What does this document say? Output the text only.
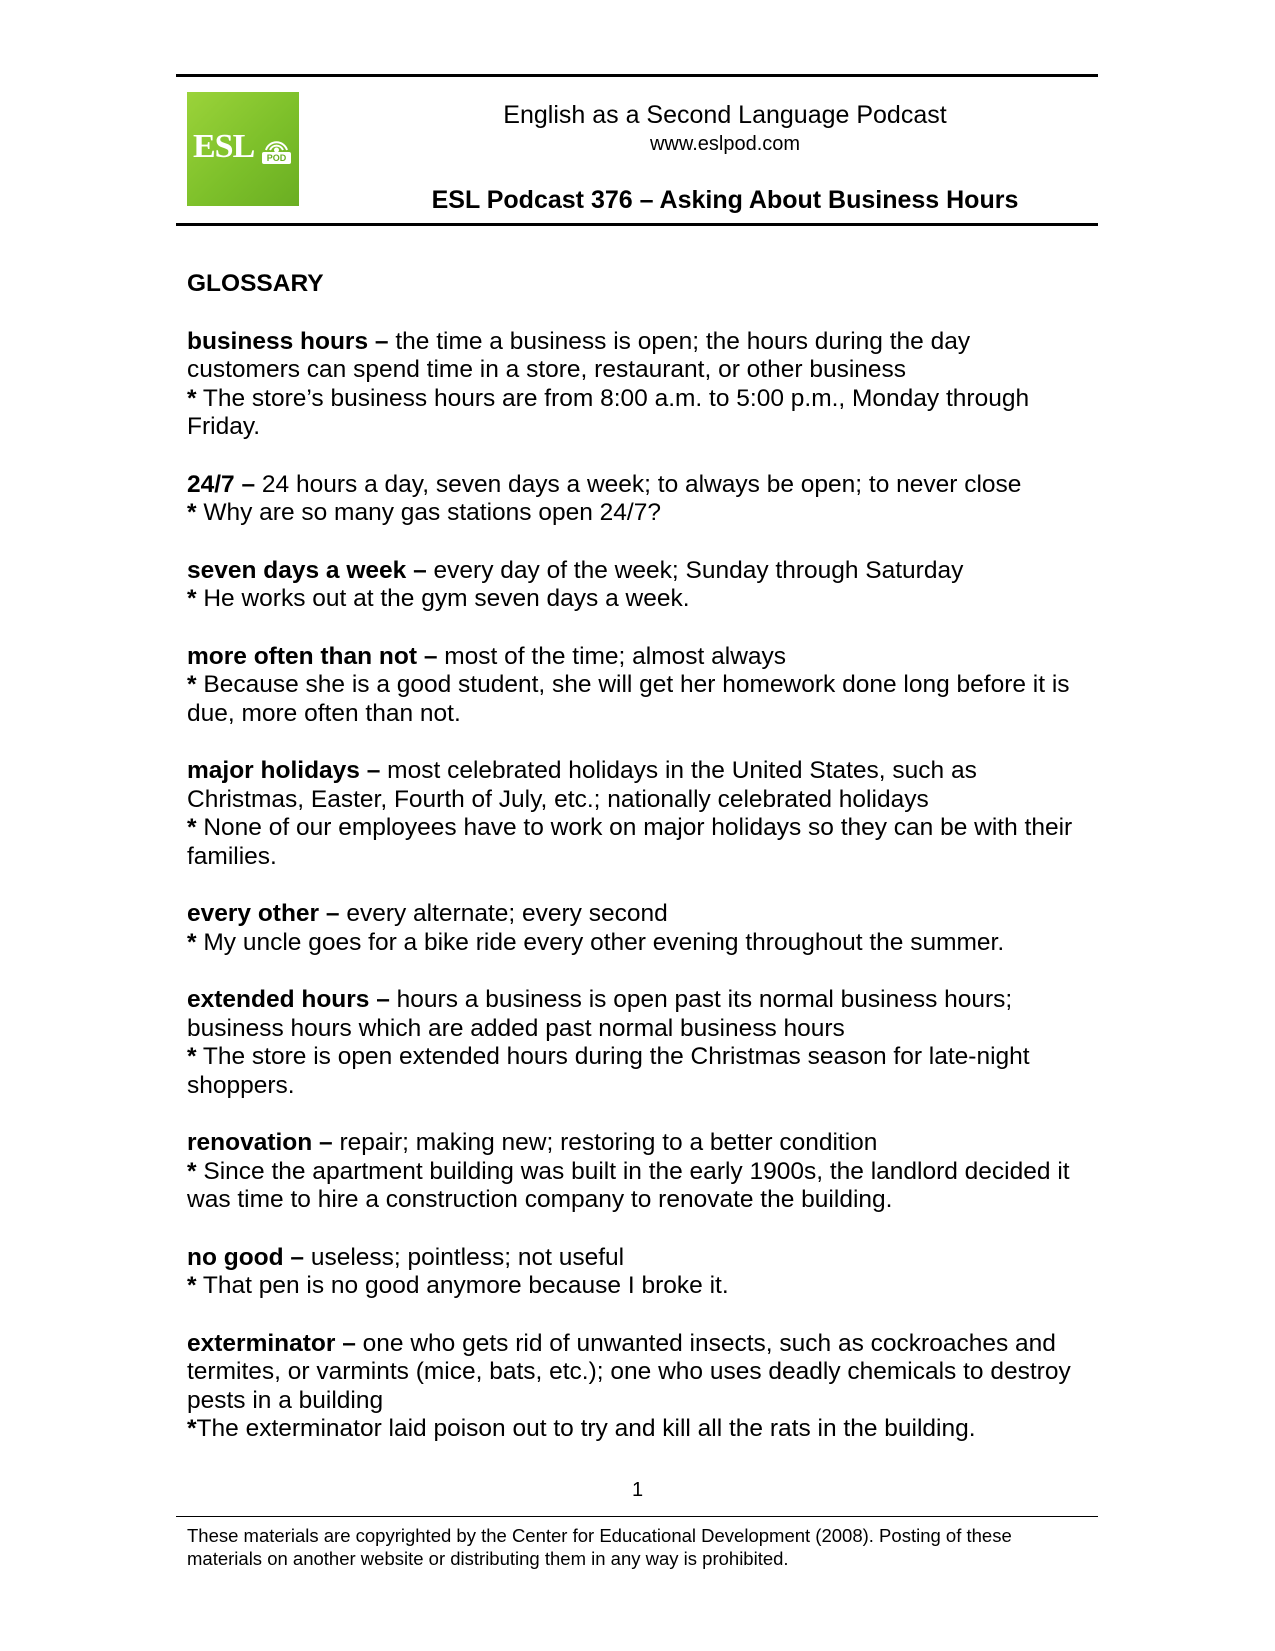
ESL	POD
English as a Second Language Podcast
www.eslpod.com
ESL Podcast 376 – Asking About Business Hours
GLOSSARY
business hours – the time a business is open; the hours during the day customers can spend time in a store, restaurant, or other business
* The store’s business hours are from 8:00 a.m. to 5:00 p.m., Monday through Friday.
24/7 – 24 hours a day, seven days a week; to always be open; to never close
* Why are so many gas stations open 24/7?
seven days a week – every day of the week; Sunday through Saturday
* He works out at the gym seven days a week.
more often than not – most of the time; almost always
* Because she is a good student, she will get her homework done long before it is due, more often than not.
major holidays – most celebrated holidays in the United States, such as Christmas, Easter, Fourth of July, etc.; nationally celebrated holidays
* None of our employees have to work on major holidays so they can be with their families.
every other – every alternate; every second
* My uncle goes for a bike ride every other evening throughout the summer.
extended hours – hours a business is open past its normal business hours; business hours which are added past normal business hours
* The store is open extended hours during the Christmas season for late-night shoppers.
renovation – repair; making new; restoring to a better condition
* Since the apartment building was built in the early 1900s, the landlord decided it was time to hire a construction company to renovate the building.
no good – useless; pointless; not useful
* That pen is no good anymore because I broke it.
exterminator – one who gets rid of unwanted insects, such as cockroaches and termites, or varmints (mice, bats, etc.); one who uses deadly chemicals to destroy pests in a building
*The exterminator laid poison out to try and kill all the rats in the building.
1
These materials are copyrighted by the Center for Educational Development (2008). Posting of these materials on another website or distributing them in any way is prohibited.
